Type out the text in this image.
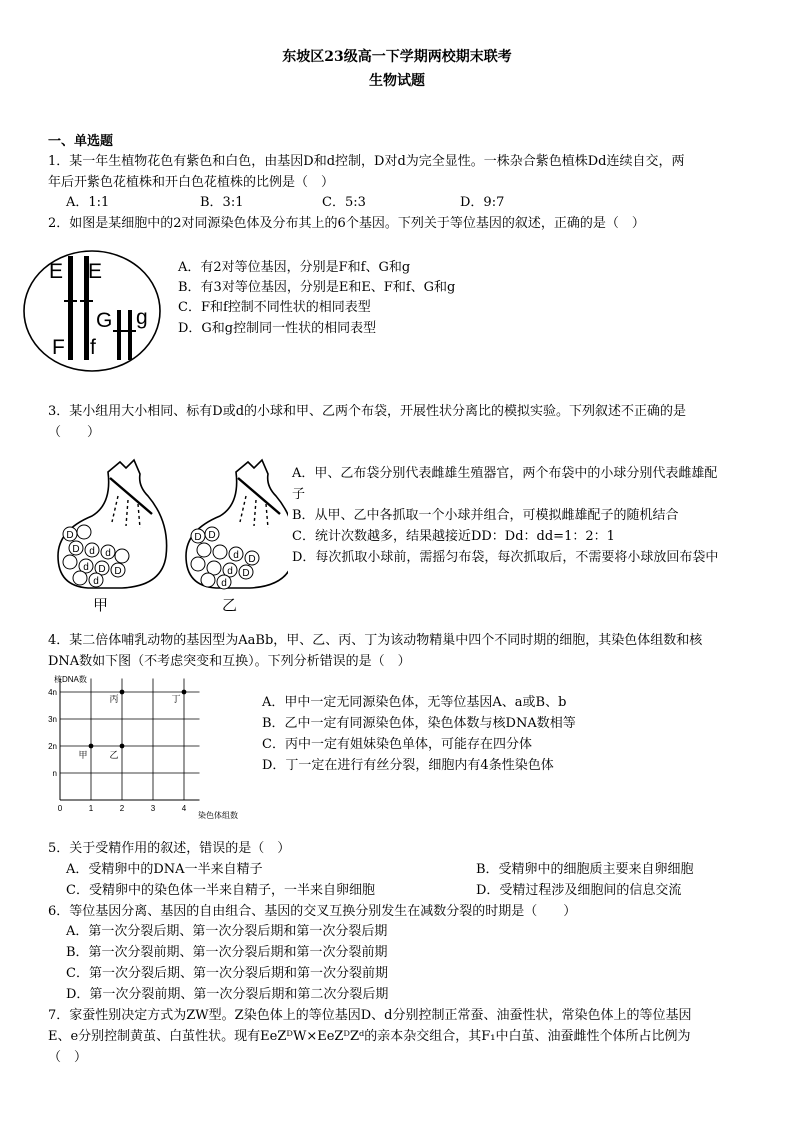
东坡区23级高一下学期两校期末联考
生物试题
一、单选题
1．某一年生植物花色有紫色和白色，由基因D和d控制，D对d为完全显性。一株杂合紫色植株Dd连续自交，两
年后开紫色花植株和开白色花植株的比例是（　）
A．1:1	B．3:1	C．5:3	D．9:7
2．如图是某细胞中的2对同源染色体及分布其上的6个基因。下列关于等位基因的叙述，正确的是（　）
E E
F f
G g
A．有2对等位基因，分别是F和f、G和g
B．有3对等位基因，分别是E和E、F和f、G和g
C．F和f控制不同性状的相同表型
D．G和g控制同一性状的相同表型
3．某小组用大小相同、标有D或d的小球和甲、乙两个布袋，开展性状分离比的模拟实验。下列叙述不正确的是
（　　）
D
D d d
d D D
d
甲
D D
d D
d D
d
乙
A．甲、乙布袋分别代表雌雄生殖器官，两个布袋中的小球分别代表雌雄配
子
B．从甲、乙中各抓取一个小球并组合，可模拟雌雄配子的随机结合
C．统计次数越多，结果越接近DD：Dd：dd=1：2：1
D．每次抓取小球前，需摇匀布袋，每次抓取后，不需要将小球放回布袋中
4．某二倍体哺乳动物的基因型为AaBb，甲、乙、丙、丁为该动物精巢中四个不同时期的细胞，其染色体组数和核
DNA数如下图（不考虑突变和互换）。下列分析错误的是（　）
核DNA数
染色体组数
0	1	2	3	4
n
2n
3n
4n
甲 乙
丙	丁	A．甲中一定无同源染色体，无等位基因A、a或B、b
B．乙中一定有同源染色体，染色体数与核DNA数相等
C．丙中一定有姐妹染色单体，可能存在四分体
D．丁一定在进行有丝分裂，细胞内有4条性染色体
5．关于受精作用的叙述，错误的是（　）
A．受精卵中的DNA一半来自精子	B．受精卵中的细胞质主要来自卵细胞
C．受精卵中的染色体一半来自精子，一半来自卵细胞	D．受精过程涉及细胞间的信息交流
6．等位基因分离、基因的自由组合、基因的交叉互换分别发生在减数分裂的时期是（　　）
A．第一次分裂后期、第一次分裂后期和第一次分裂后期
B．第一次分裂前期、第一次分裂后期和第一次分裂前期
C．第一次分裂后期、第一次分裂后期和第一次分裂前期
D．第一次分裂前期、第一次分裂后期和第二次分裂后期
7．家蚕性别决定方式为ZW型。Z染色体上的等位基因D、d分别控制正常蚕、油蚕性状，常染色体上的等位基因
E、e分别控制黄茧、白茧性状。现有EeZᴰW×EeZᴰZᵈ的亲本杂交组合，其F₁中白茧、油蚕雌性个体所占比例为
（　）
